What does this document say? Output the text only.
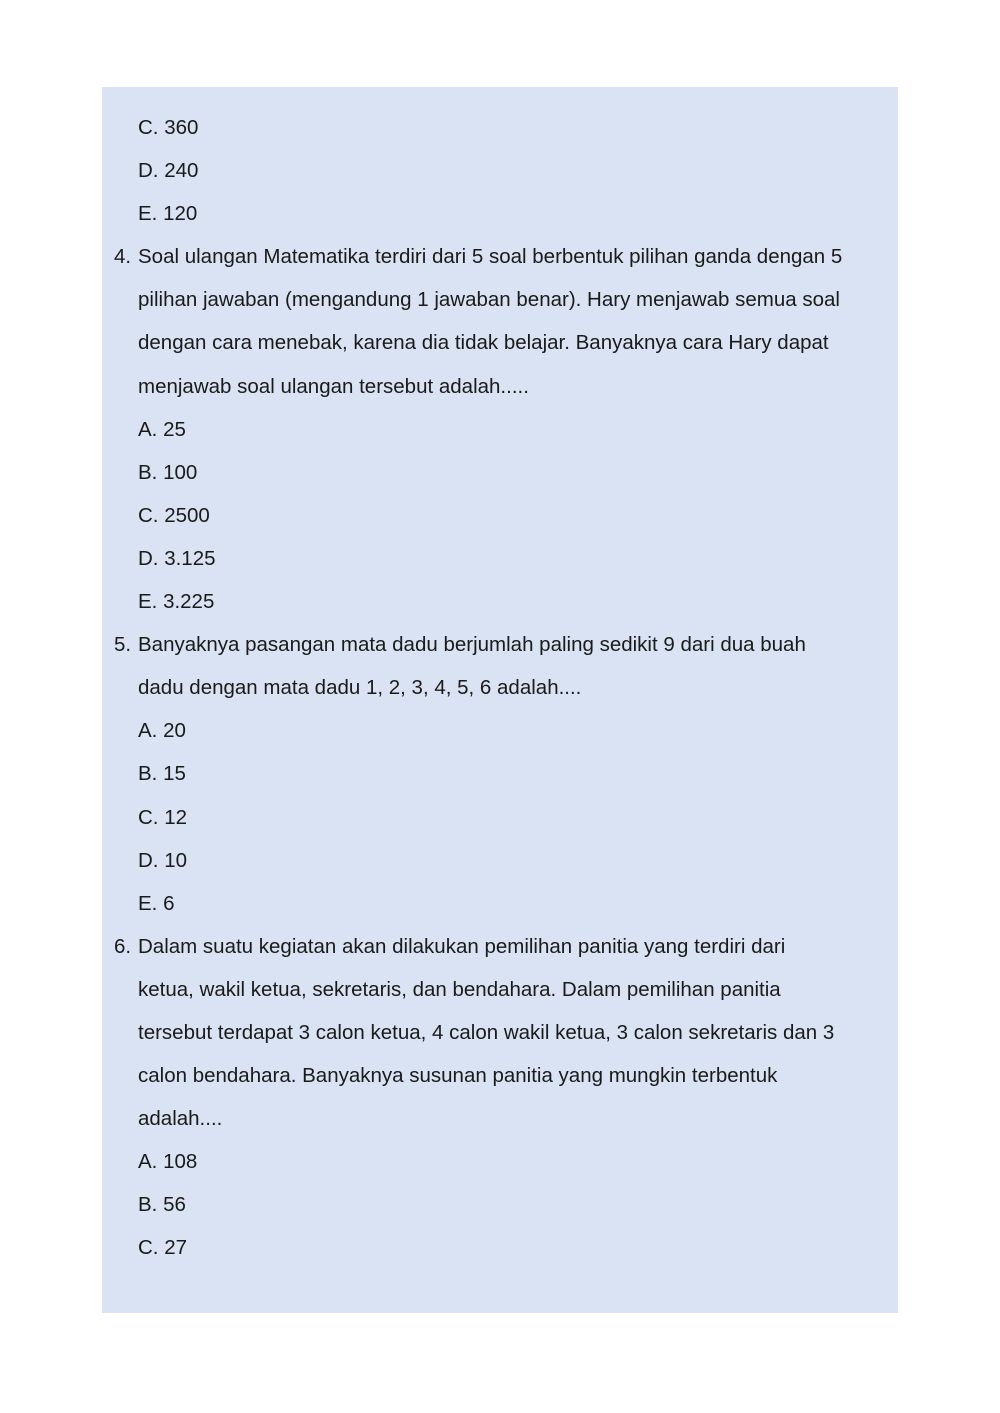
C. 360
D. 240
E. 120
4. Soal ulangan Matematika terdiri dari 5 soal berbentuk pilihan ganda dengan 5
pilihan jawaban (mengandung 1 jawaban benar). Hary menjawab semua soal
dengan cara menebak, karena dia tidak belajar. Banyaknya cara Hary dapat
menjawab soal ulangan tersebut adalah.....
A. 25
B. 100
C. 2500
D. 3.125
E. 3.225
5. Banyaknya pasangan mata dadu berjumlah paling sedikit 9 dari dua buah
dadu dengan mata dadu 1, 2, 3, 4, 5, 6 adalah....
A. 20
B. 15
C. 12
D. 10
E. 6
6. Dalam suatu kegiatan akan dilakukan pemilihan panitia yang terdiri dari
ketua, wakil ketua, sekretaris, dan bendahara. Dalam pemilihan panitia
tersebut terdapat 3 calon ketua, 4 calon wakil ketua, 3 calon sekretaris dan 3
calon bendahara. Banyaknya susunan panitia yang mungkin terbentuk
adalah....
A. 108
B. 56
C. 27
